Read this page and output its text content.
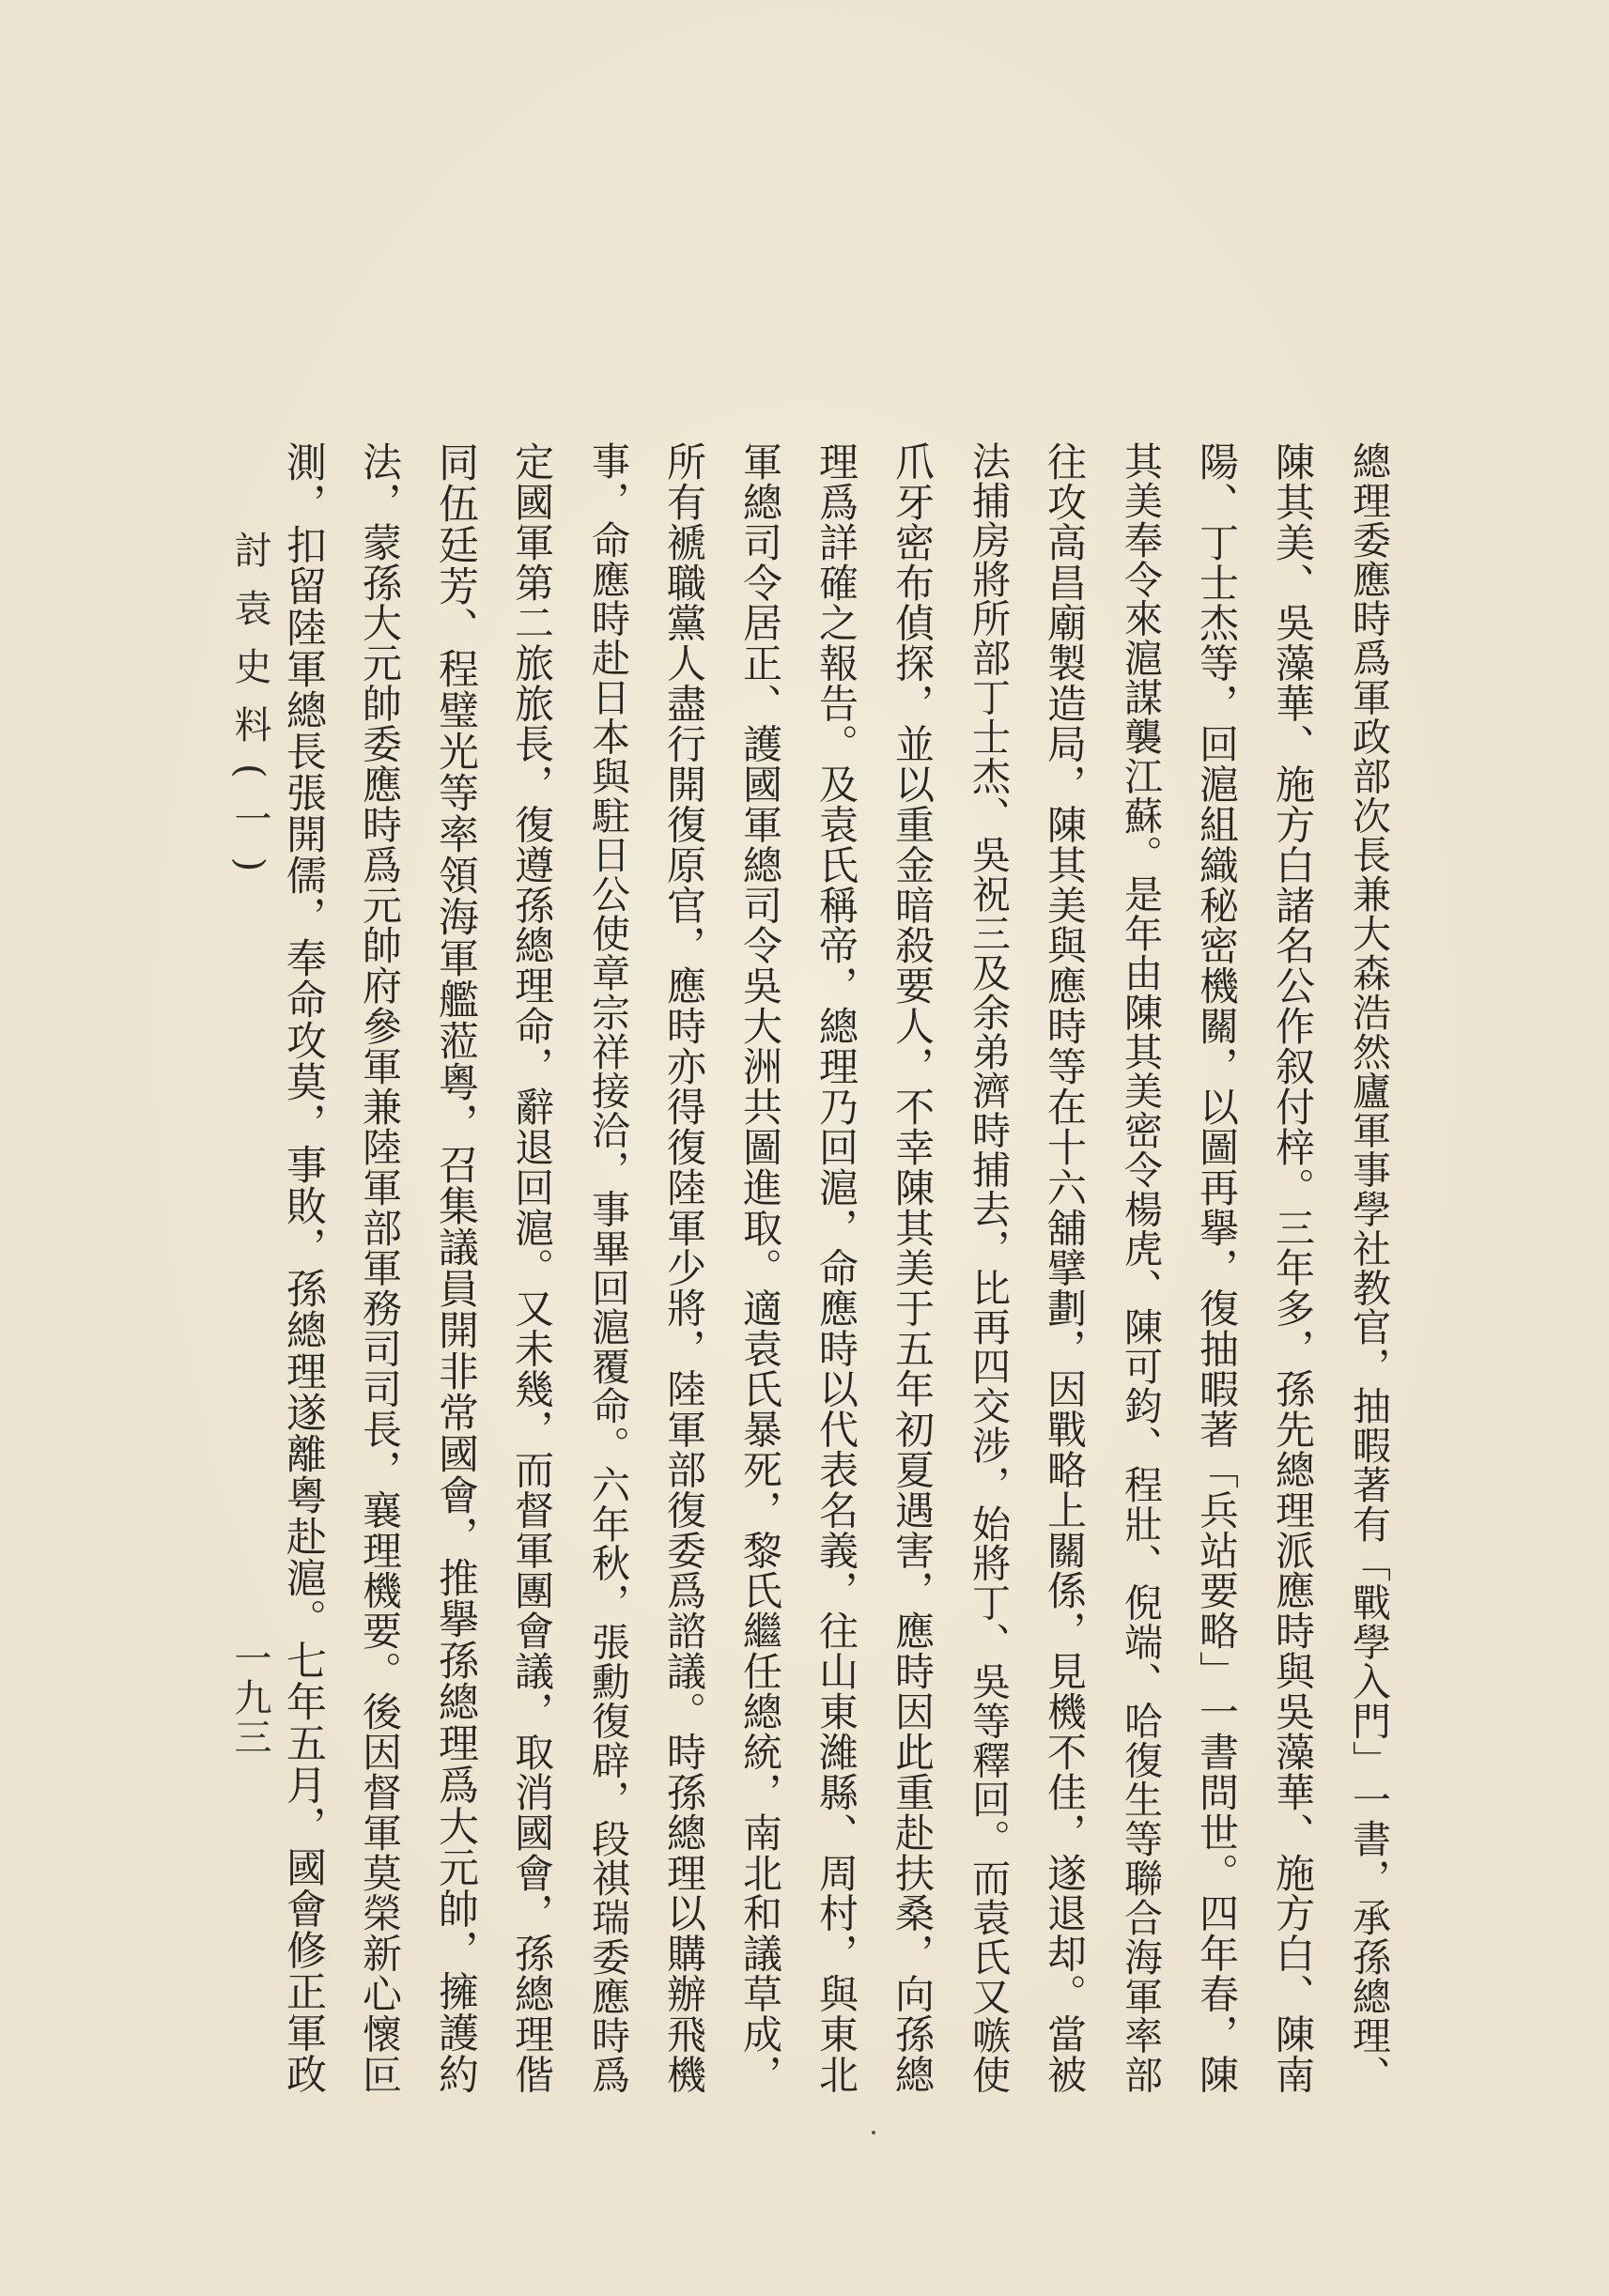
總理委應時爲軍政部次長兼大森浩然廬軍事學社教官，抽暇著有「戰學入門」一書，承孫總理、
陳其美、吳藻華、施方白諸名公作叙付梓。三年多，孫先總理派應時與吳藻華、施方白、陳南
陽、丁士杰等，回滬組織秘密機關，以圖再擧，復抽暇著「兵站要略」一書問世。四年春，陳
其美奉令來滬謀襲江蘇。是年由陳其美密令楊虎、陳可鈞、程壯、倪端、哈復生等聯合海軍率部
往攻高昌廟製造局，陳其美與應時等在十六舖擘劃，因戰略上關係，見機不佳，遂退却。當被
法捕房將所部丁士杰、吳祝三及余弟濟時捕去，比再四交涉，始將丁、吳等釋回。而袁氏又嗾使
爪牙密布偵探，並以重金暗殺要人，不幸陳其美于五年初夏遇害，應時因此重赴扶桑，向孫總
理爲詳確之報告。及袁氏稱帝，總理乃回滬，命應時以代表名義，往山東濰縣、周村，與東北
軍總司令居正、護國軍總司令吳大洲共圖進取。適袁氏暴死，黎氏繼任總統，南北和議草成，
所有褫職黨人盡行開復原官，應時亦得復陸軍少將，陸軍部復委爲諮議。時孫總理以購辦飛機
事，命應時赴日本與駐日公使章宗祥接洽，事畢回滬覆命。六年秋，張勳復辟，段祺瑞委應時爲
定國軍第二旅旅長，復遵孫總理命，辭退回滬。又未幾，而督軍團會議，取消國會，孫總理偕
同伍廷芳、程璧光等率領海軍艦蒞粵，召集議員開非常國會，推擧孫總理爲大元帥，擁護約
法，蒙孫大元帥委應時爲元帥府參軍兼陸軍部軍務司司長，襄理機要。後因督軍莫榮新心懷叵
測，扣留陸軍總長張開儒，奉命攻莫，事敗，孫總理遂離粵赴滬。七年五月，國會修正軍政
討袁史料(一)
一九三
